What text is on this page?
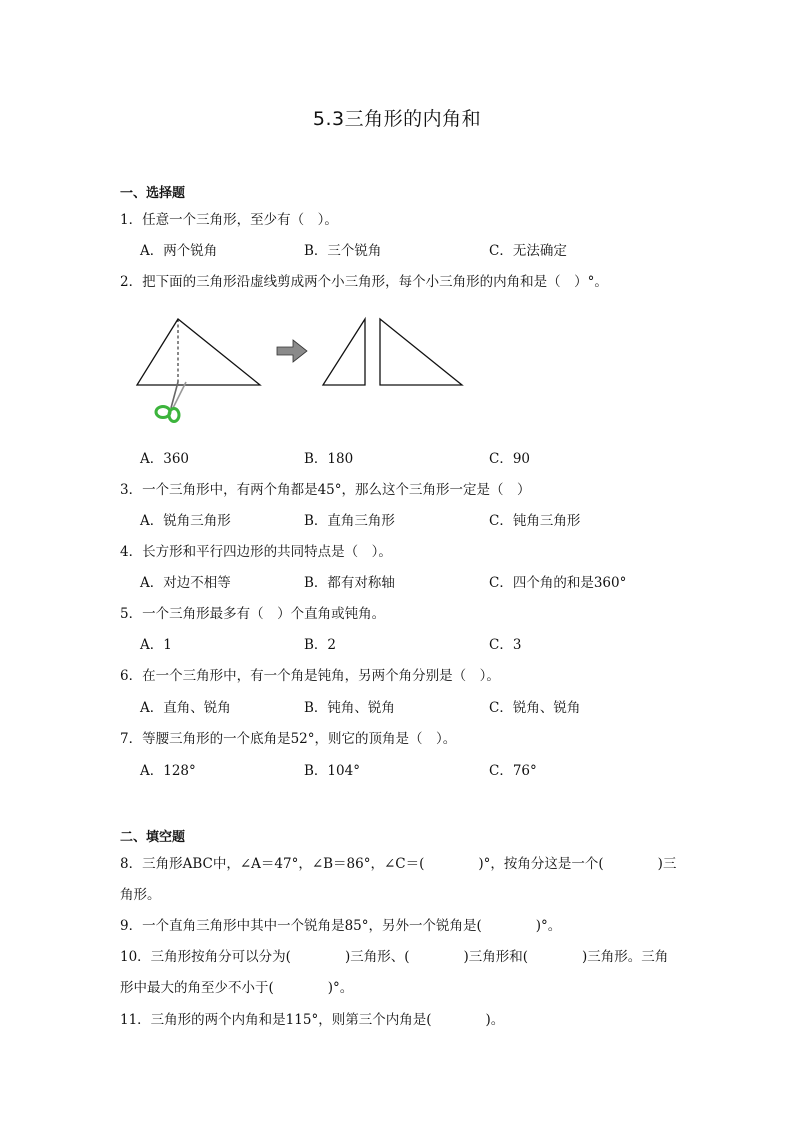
5.3三角形的内角和
一、选择题
1．任意一个三角形，至少有（　）。
A．两个锐角	B．三个锐角	C．无法确定
2．把下面的三角形沿虚线剪成两个小三角形，每个小三角形的内角和是（　）°。
A．360	B．180	C．90
3．一个三角形中，有两个角都是45°，那么这个三角形一定是（　）
A．锐角三角形	B．直角三角形	C．钝角三角形
4．长方形和平行四边形的共同特点是（　）。
A．对边不相等	B．都有对称轴	C．四个角的和是360°
5．一个三角形最多有（　）个直角或钝角。
A．1	B．2	C．3
6．在一个三角形中，有一个角是钝角，另两个角分别是（　）。
A．直角、锐角	B．钝角、锐角	C．锐角、锐角
7．等腰三角形的一个底角是52°，则它的顶角是（　）。
A．128°	B．104°	C．76°
二、填空题
8．三角形ABC中，∠A＝47°，∠B＝86°，∠C＝(　　　　)°，按角分这是一个(　　　　)三
角形。
9．一个直角三角形中其中一个锐角是85°，另外一个锐角是(　　　　)°。
10．三角形按角分可以分为(　　　　)三角形、(　　　　)三角形和(　　　　)三角形。三角
形中最大的角至少不小于(　　　　)°。
11．三角形的两个内角和是115°，则第三个内角是(　　　　)。
